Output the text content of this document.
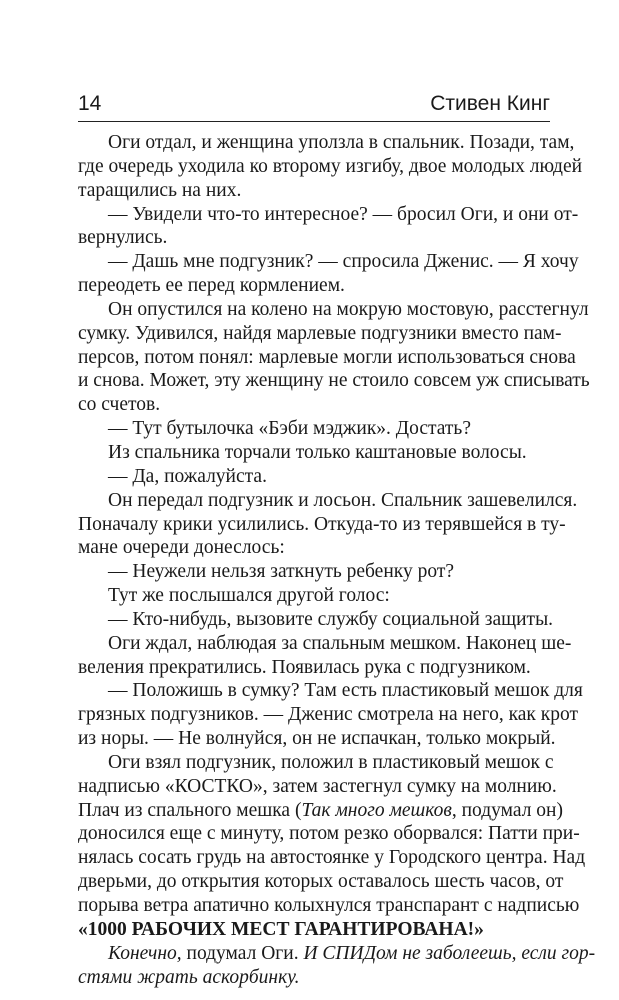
14	Стивен Кинг
Оги отдал, и женщина уползла в спальник. Позади, там,
где очередь уходила ко второму изгибу, двое молодых людей
таращились на них.
— Увидели что-то интересное? — бросил Оги, и они от-
вернулись.
— Дашь мне подгузник? — спросила Дженис. — Я хочу
переодеть ее перед кормлением.
Он опустился на колено на мокрую мостовую, расстегнул
сумку. Удивился, найдя марлевые подгузники вместо пам-
персов, потом понял: марлевые могли использоваться снова
и снова. Может, эту женщину не стоило совсем уж списывать
со счетов.
— Тут бутылочка «Бэби мэджик». Достать?
Из спальника торчали только каштановые волосы.
— Да, пожалуйста.
Он передал подгузник и лосьон. Спальник зашевелился.
Поначалу крики усилились. Откуда-то из терявшейся в ту-
мане очереди донеслось:
— Неужели нельзя заткнуть ребенку рот?
Тут же послышался другой голос:
— Кто-нибудь, вызовите службу социальной защиты.
Оги ждал, наблюдая за спальным мешком. Наконец ше-
веления прекратились. Появилась рука с подгузником.
— Положишь в сумку? Там есть пластиковый мешок для
грязных подгузников. — Дженис смотрела на него, как крот
из норы. — Не волнуйся, он не испачкан, только мокрый.
Оги взял подгузник, положил в пластиковый мешок с
надписью «КОСТКО», затем застегнул сумку на молнию.
Плач из спального мешка (Так много мешков, подумал он)
доносился еще с минуту, потом резко оборвался: Патти при-
нялась сосать грудь на автостоянке у Городского центра. Над
дверьми, до открытия которых оставалось шесть часов, от
порыва ветра апатично колыхнулся транспарант с надписью
«1000 РАБОЧИХ МЕСТ ГАРАНТИРОВАНА!»
Конечно, подумал Оги. И СПИДом не заболеешь, если гор-
стями жрать аскорбинку.
